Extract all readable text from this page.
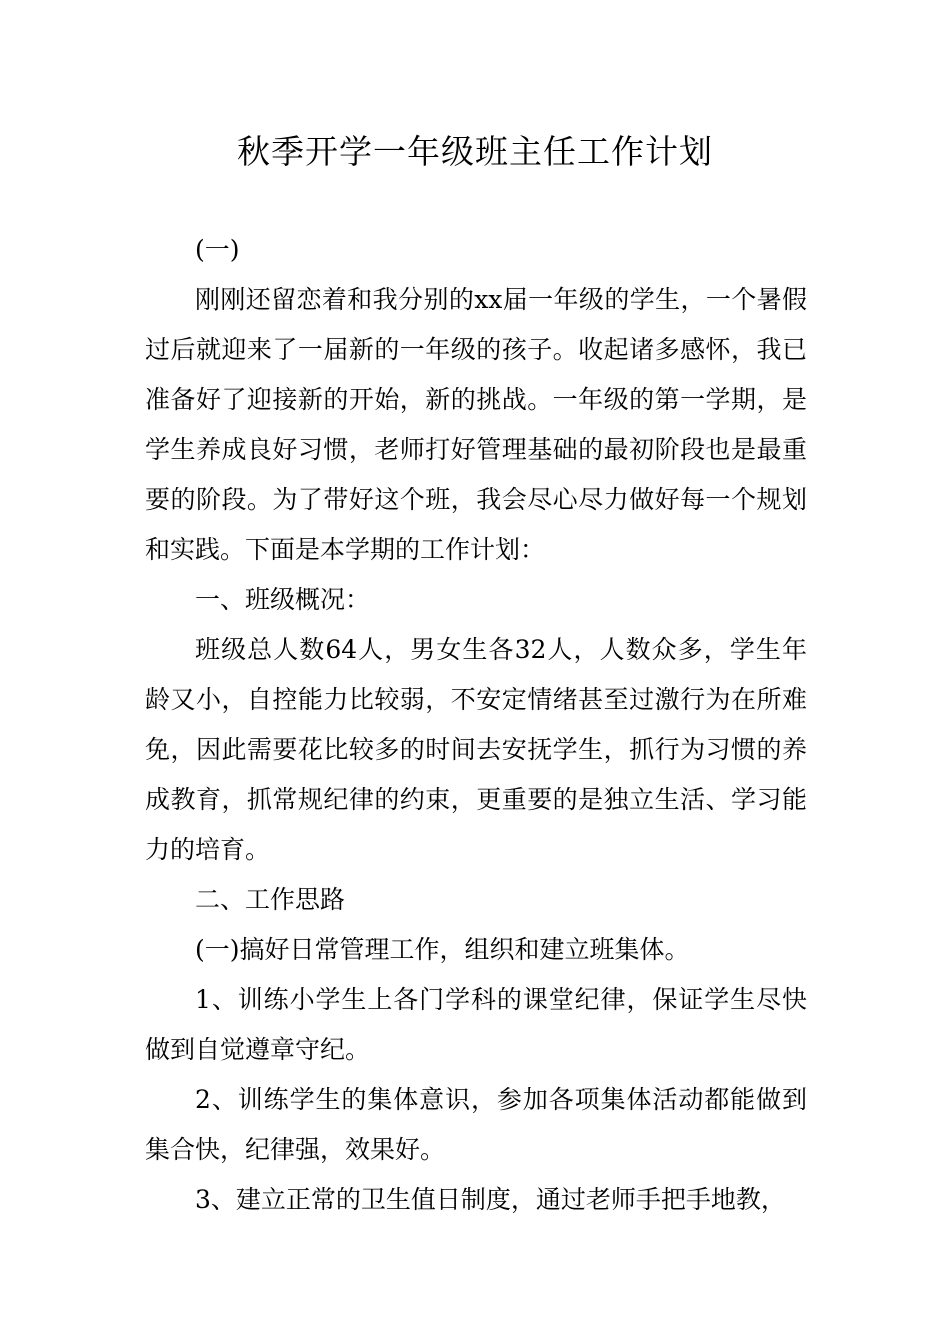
秋季开学一年级班主任工作计划

(一)

刚刚还留恋着和我分别的xx届一年级的学生，一个暑假过后就迎来了一届新的一年级的孩子。收起诸多感怀，我已准备好了迎接新的开始，新的挑战。一年级的第一学期，是学生养成良好习惯，老师打好管理基础的最初阶段也是最重要的阶段。为了带好这个班，我会尽心尽力做好每一个规划和实践。下面是本学期的工作计划：

一、班级概况：

班级总人数64人，男女生各32人，人数众多，学生年龄又小，自控能力比较弱，不安定情绪甚至过激行为在所难免，因此需要花比较多的时间去安抚学生，抓行为习惯的养成教育，抓常规纪律的约束，更重要的是独立生活、学习能力的培育。

二、工作思路

(一)搞好日常管理工作，组织和建立班集体。

1、训练小学生上各门学科的课堂纪律，保证学生尽快做到自觉遵章守纪。

2、训练学生的集体意识，参加各项集体活动都能做到集合快，纪律强，效果好。

3、建立正常的卫生值日制度，通过老师手把手地教，
